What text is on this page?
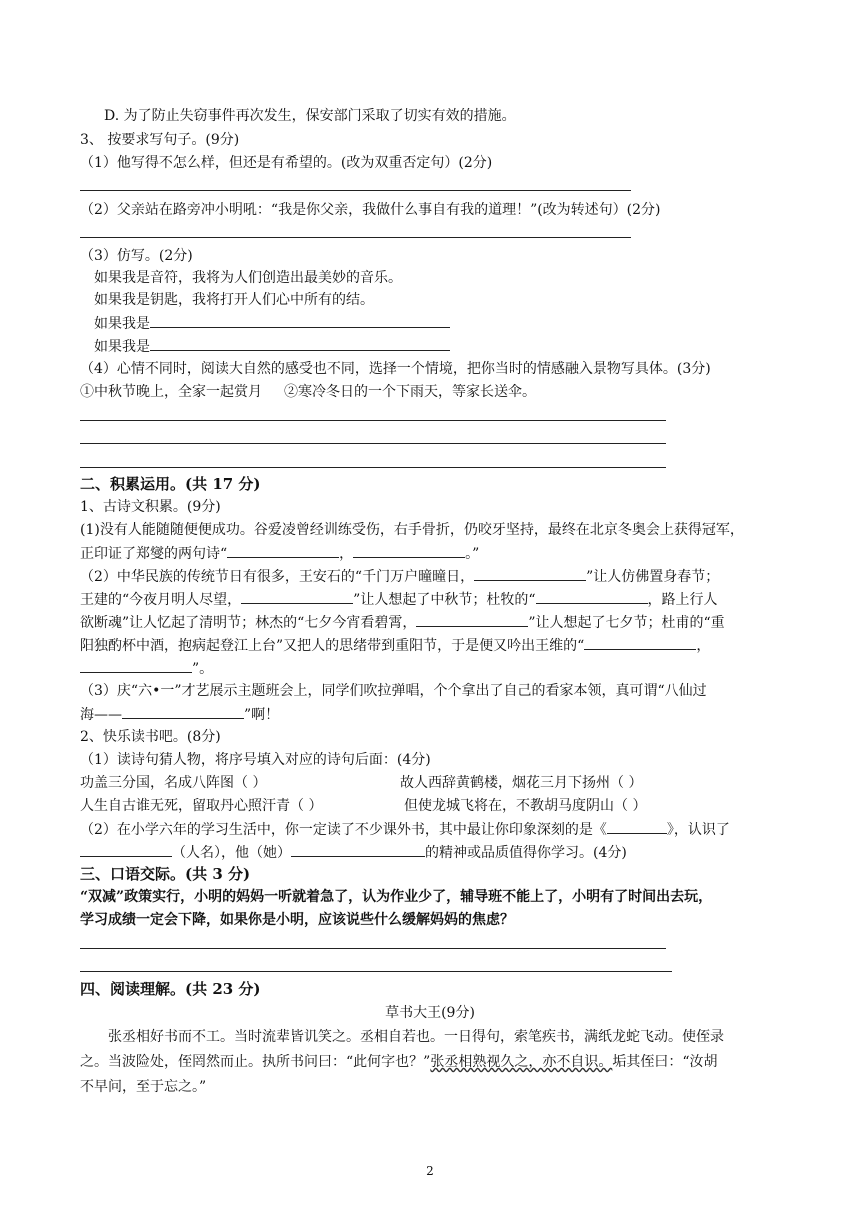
D. 为了防止失窃事件再次发生，保安部门采取了切实有效的措施。
3、 按要求写句子。(9分)
（1）他写得不怎么样，但还是有希望的。(改为双重否定句）(2分)
（2）父亲站在路旁冲小明吼：“我是你父亲，我做什么事自有我的道理！”(改为转述句）(2分)
（3）仿写。(2分)
如果我是音符，我将为人们创造出最美妙的音乐。
如果我是钥匙，我将打开人们心中所有的结。
如果我是
如果我是
（4）心情不同时，阅读大自然的感受也不同，选择一个情境，把你当时的情感融入景物写具体。(3分)
①中秋节晚上，全家一起赏月 ②寒冷冬日的一个下雨天，等家长送伞。
二、积累运用。(共 17 分)
1、古诗文积累。(9分)
(1)没有人能随随便便成功。谷爱凌曾经训练受伤，右手骨折，仍咬牙坚持，最终在北京冬奥会上获得冠军，
正印证了郑燮的两句诗“	，	。”
（2）中华民族的传统节日有很多，王安石的“千门万户曈曈日，	”让人仿佛置身春节；
王建的“今夜月明人尽望，	”让人想起了中秋节；杜牧的“	，路上行人
欲断魂”让人忆起了清明节；林杰的“七夕今宵看碧霄，	”让人想起了七夕节；杜甫的“重
阳独酌杯中酒，抱病起登江上台”又把人的思绪带到重阳节，于是便又吟出王维的“	，
”。
（3）庆“六•一”才艺展示主题班会上，同学们吹拉弹唱，个个拿出了自己的看家本领，真可谓“八仙过
海——	”啊！
2、快乐读书吧。(8分)
（1）读诗句猜人物，将序号填入对应的诗句后面：(4分)
功盖三分国，名成八阵图（ ）	故人西辞黄鹤楼，烟花三月下扬州（ ）
人生自古谁无死，留取丹心照汗青（ ）	但使龙城飞将在，不教胡马度阴山（ ）
（2）在小学六年的学习生活中，你一定读了不少课外书，其中最让你印象深刻的是《	》，认识了
（人名），他（她）	的精神或品质值得你学习。(4分)
三、口语交际。(共 3 分)
“双减”政策实行，小明的妈妈一听就着急了，认为作业少了，辅导班不能上了，小明有了时间出去玩，
学习成绩一定会下降，如果你是小明，应该说些什么缓解妈妈的焦虑？
四、阅读理解。(共 23 分)
草书大王(9分)
张丞相好书而不工。当时流辈皆讥笑之。丞相自若也。一日得句，索笔疾书，满纸龙蛇飞动。使侄录
之。当波险处，侄罔然而止。执所书问曰：“此何字也？”张丞相熟视久之，亦不自识。垢其侄曰：“汝胡
不早问，至于忘之。”
2
